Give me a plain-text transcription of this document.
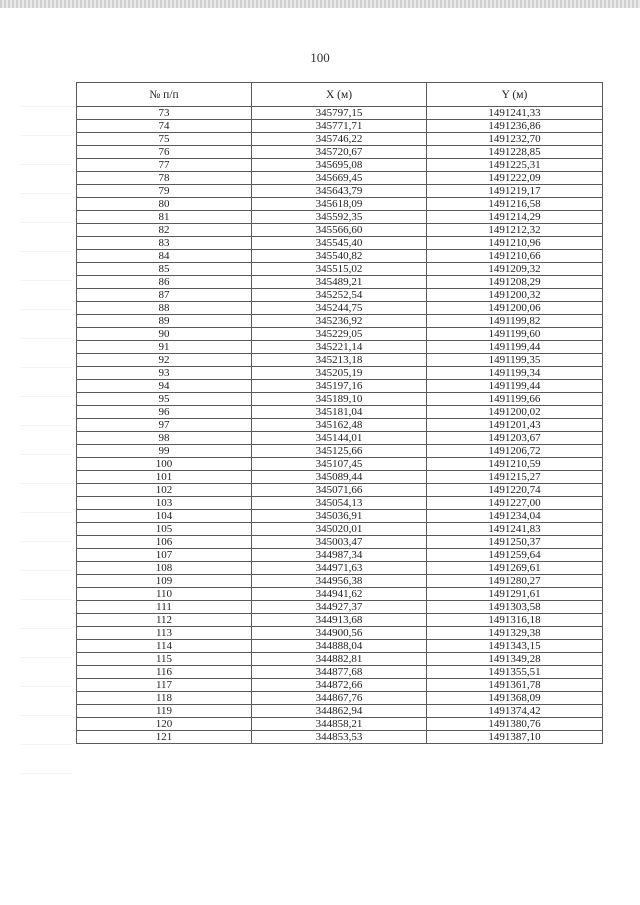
100
№ п/п	X (м)	Y (м)
73	345797,15	1491241,33
74	345771,71	1491236,86
75	345746,22	1491232,70
76	345720,67	1491228,85
77	345695,08	1491225,31
78	345669,45	1491222,09
79	345643,79	1491219,17
80	345618,09	1491216,58
81	345592,35	1491214,29
82	345566,60	1491212,32
83	345545,40	1491210,96
84	345540,82	1491210,66
85	345515,02	1491209,32
86	345489,21	1491208,29
87	345252,54	1491200,32
88	345244,75	1491200,06
89	345236,92	1491199,82
90	345229,05	1491199,60
91	345221,14	1491199,44
92	345213,18	1491199,35
93	345205,19	1491199,34
94	345197,16	1491199,44
95	345189,10	1491199,66
96	345181,04	1491200,02
97	345162,48	1491201,43
98	345144,01	1491203,67
99	345125,66	1491206,72
100	345107,45	1491210,59
101	345089,44	1491215,27
102	345071,66	1491220,74
103	345054,13	1491227,00
104	345036,91	1491234,04
105	345020,01	1491241,83
106	345003,47	1491250,37
107	344987,34	1491259,64
108	344971,63	1491269,61
109	344956,38	1491280,27
110	344941,62	1491291,61
111	344927,37	1491303,58
112	344913,68	1491316,18
113	344900,56	1491329,38
114	344888,04	1491343,15
115	344882,81	1491349,28
116	344877,68	1491355,51
117	344872,66	1491361,78
118	344867,76	1491368,09
119	344862,94	1491374,42
120	344858,21	1491380,76
121	344853,53	1491387,10
